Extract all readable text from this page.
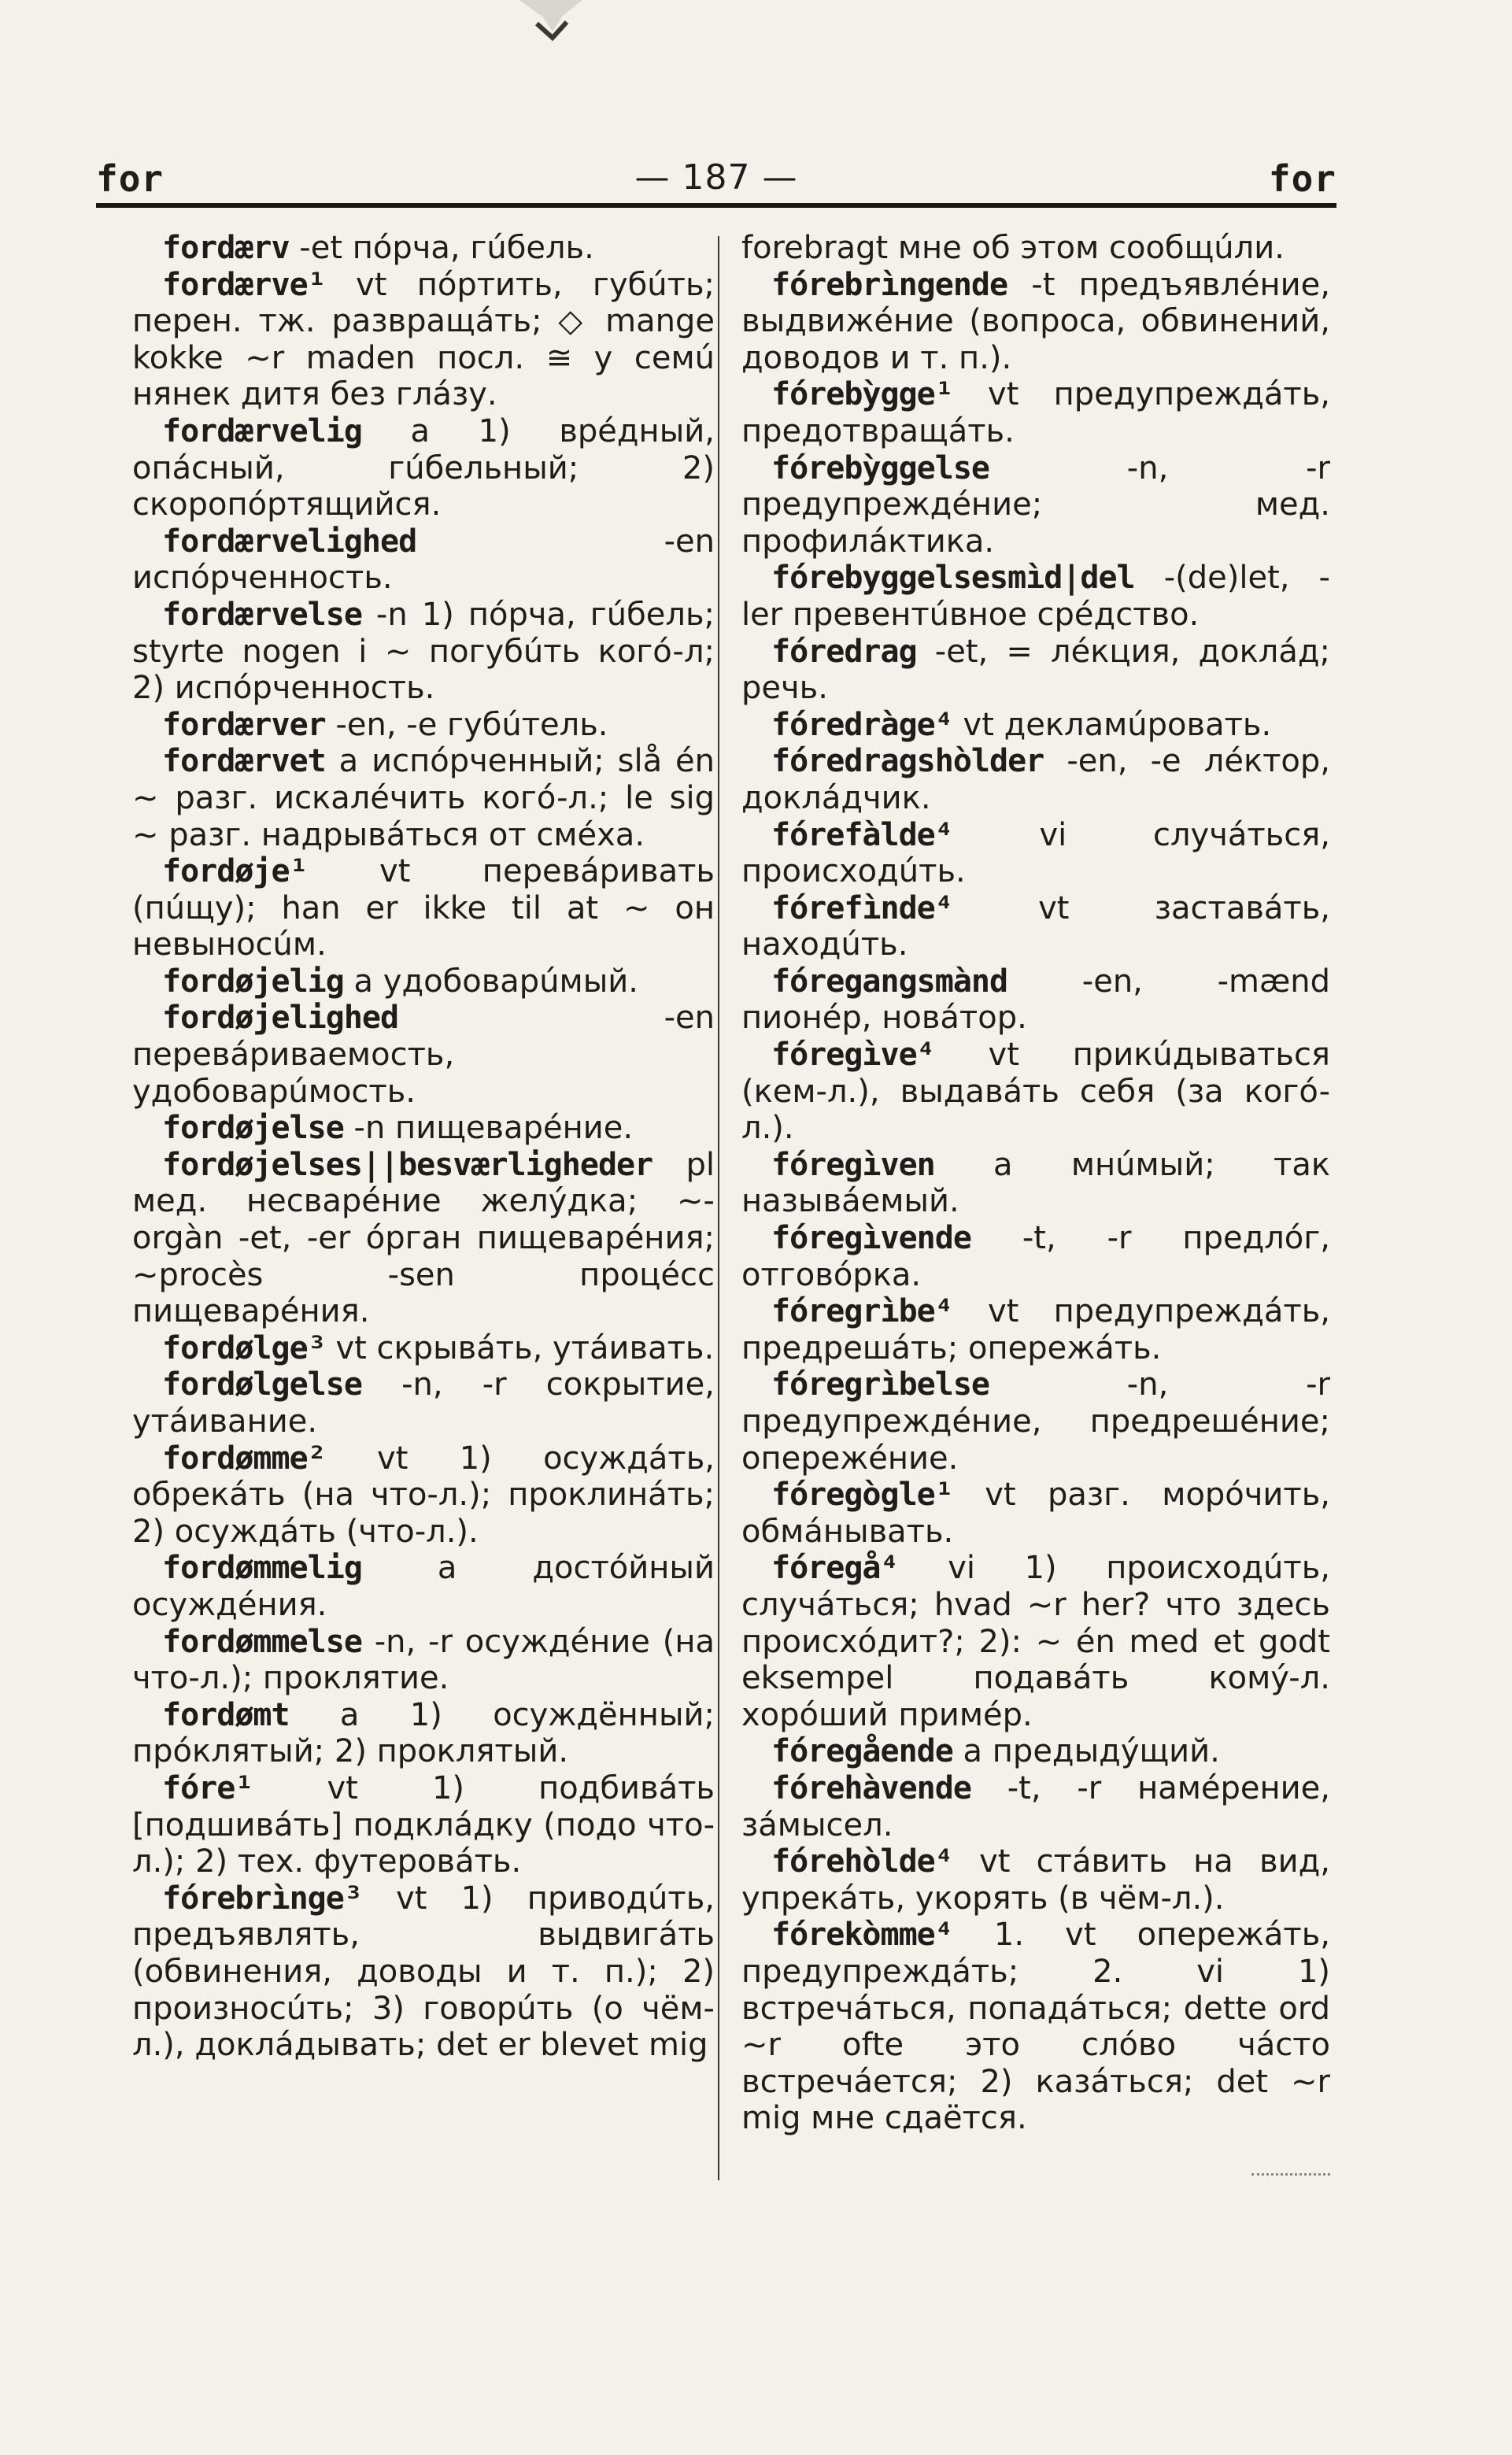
for	— 187 —	for

fordærv -et пóрча, гúбель.

fordærve¹ vt пóртить, губúть; перен. тж. развращáть; ◇ mange kokke ~r maden посл. ≅ у семú нянек дитя без глáзу.

fordærvelig a 1) врéдный, опáсный, гúбельный; 2) скоропóртящийся.

fordærvelighed -en испóрченность.

fordærvelse -n 1) пóрча, гúбель; styrte nogen i ~ погубúть когó-л; 2) испóрченность.

fordærver -en, -e губúтель.

fordærvet a испóрченный; slå én ~ разг. искалéчить когó-л.; le sig ~ разг. надрывáться от смéха.

fordøje¹ vt перевáривать (пúщу); han er ikke til at ~ он невыносúм.

fordøjelig a удобоварúмый.

fordøjelighed -en перевáриваемость, удобоварúмость.

fordøjelse -n пищеварéние.

fordøjelses||besværligheder pl мед. несварéние желýдка; ~-orgàn -et, -er óрган пищеварéния; ~procès -sen процéсс пищеварéния.

fordølge³ vt скрывáть, утáивать.

fordølgelse -n, -r сокрытие, утáивание.

fordømme² vt 1) осуждáть, обрекáть (на что-л.); проклинáть; 2) осуждáть (что-л.).

fordømmelig a достóйный осуждéния.

fordømmelse -n, -r осуждéние (на что-л.); проклятие.

fordømt a 1) осуждённый; прóклятый; 2) проклятый.

fóre¹ vt 1) подбивáть [подшивáть] подклáдку (подо что-л.); 2) тех. футеровáть.

fórebrìnge³ vt 1) приводúть, предъявлять, выдвигáть (обвинения, доводы и т. п.); 2) произносúть; 3) говорúть (о чём-л.), доклáдывать; det er blevet mig

forebragt мне об этом сообщúли.

fórebrìngende -t предъявлéние, выдвижéние (вопроса, обвинений, доводов и т. п.).

fórebỳgge¹ vt предупреждáть, предотвращáть.

fórebỳggelse -n, -r предупреждéние; мед. профилáктика.

fórebyggelsesmìd|del -(de)let, -ler превентúвное срéдство.

fóredrag -et, = лéкция, доклáд; речь.

fóredràge⁴ vt декламúровать.

fóredragshòlder -en, -e лéктор, доклáдчик.

fórefàlde⁴ vi случáться, происходúть.

fórefìnde⁴ vt заставáть, находúть.

fóregangsmànd -en, -mænd пионéр, новáтор.

fóregìve⁴ vt прикúдываться (кем-л.), выдавáть себя (за когó-л.).

fóregìven a мнúмый; так назывáемый.

fóregìvende -t, -r предлóг, отговóрка.

fóregrìbe⁴ vt предупреждáть, предрешáть; опережáть.

fóregrìbelse -n, -r предупреждéние, предрешéние; опережéние.

fóregògle¹ vt разг. морóчить, обмáнывать.

fóregå⁴ vi 1) происходúть, случáться; hvad ~r her? что здесь происхóдит?; 2): ~ én med et godt eksempel подавáть комý-л. хорóший примéр.

fóregående a предыдýщий.

fórehàvende -t, -r намéрение, зáмысел.

fórehòlde⁴ vt стáвить на вид, упрекáть, укорять (в чём-л.).

fórekòmme⁴ 1. vt опережáть, предупреждáть; 2. vi 1) встречáться, попадáться; dette ord ~r ofte это слóво чáсто встречáется; 2) казáться; det ~r mig мне сдаётся.
